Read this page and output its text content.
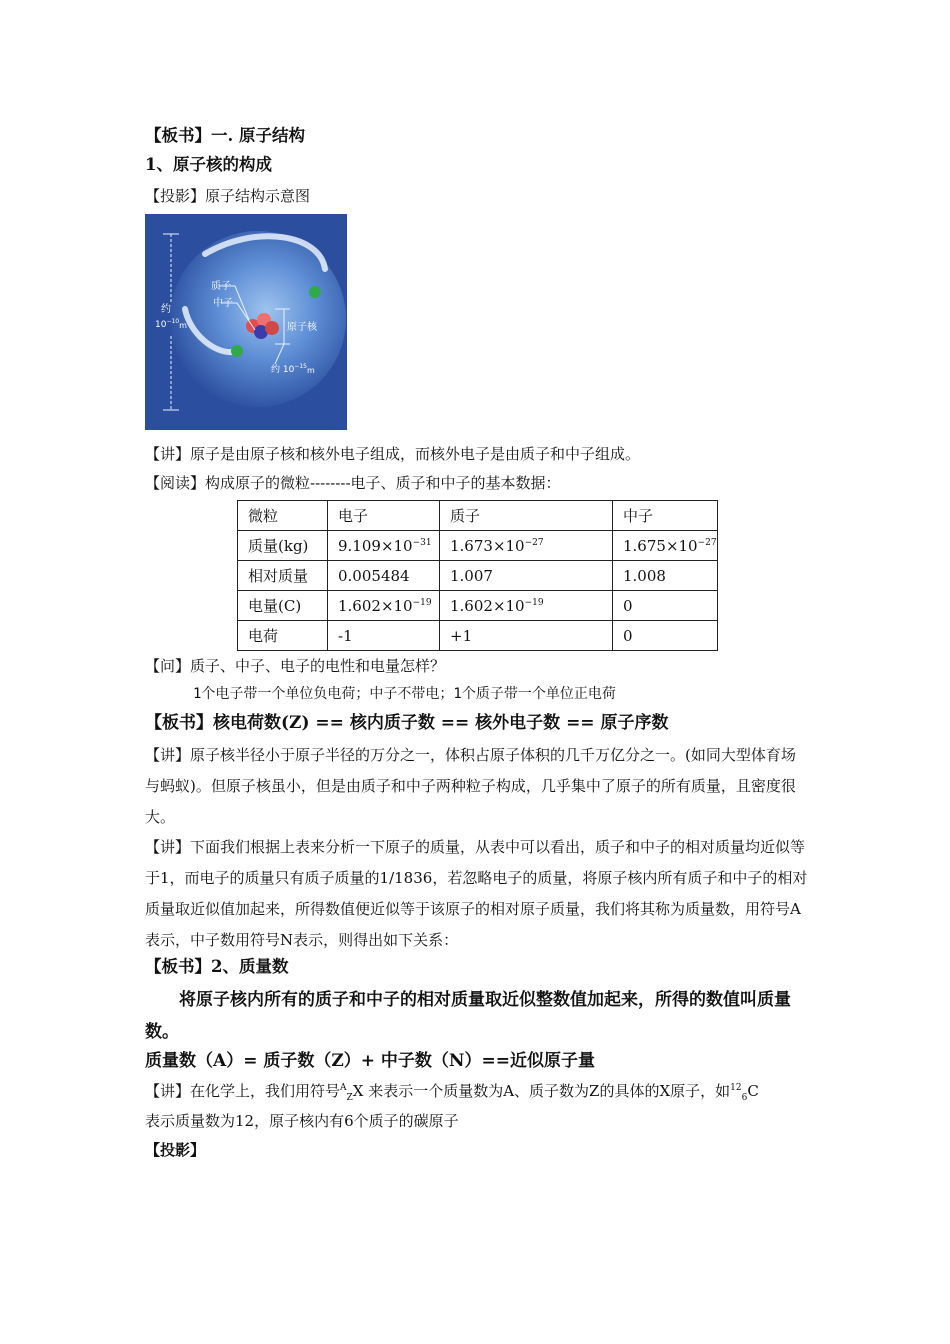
【板书】一. 原子结构
1、原子核的构成
【投影】原子结构示意图
质子
中子
约
$10^{-10}m$	原子核
约 $10^{-15}m$
【讲】原子是由原子核和核外电子组成，而核外电子是由质子和中子组成。
【阅读】构成原子的微粒--------电子、质子和中子的基本数据：
微粒	电子	质子	中子
质量(kg)	$9.109\times 10^{-31}$	$1.673\times 10^{-27}$	$1.675\times 10^{-27}$
相对质量	0.005484	1.007	1.008
电量(C)	$1.602\times 10^{-19}$	$1.602\times 10^{-19}$	0
电荷	-1	+1	0
【问】质子、中子、电子的电性和电量怎样？
1个电子带一个单位负电荷；中子不带电；1个质子带一个单位正电荷
【板书】核电荷数(Z) == 核内质子数 == 核外电子数 == 原子序数
【讲】原子核半径小于原子半径的万分之一，体积占原子体积的几千万亿分之一。(如同大型体育场与蚂蚁)。但原子核虽小，但是由质子和中子两种粒子构成，几乎集中了原子的所有质量，且密度很大。
【讲】下面我们根据上表来分析一下原子的质量，从表中可以看出，质子和中子的相对质量均近似等于1，而电子的质量只有质子质量的1/1836，若忽略电子的质量，将原子核内所有质子和中子的相对质量取近似值加起来，所得数值便近似等于该原子的相对原子质量，我们将其称为质量数，用符号A表示，中子数用符号N表示，则得出如下关系：
【板书】2、质量数
将原子核内所有的质子和中子的相对质量取近似整数值加起来，所得的数值叫质量数。
质量数（A）= 质子数（Z）+ 中子数（N）==近似原子量
【讲】在化学上，我们用符号$^A_Z$X 来表示一个质量数为A、质子数为Z的具体的X原子，如$^{12}_6$C
表示质量数为12，原子核内有6个质子的碳原子
【投影】
